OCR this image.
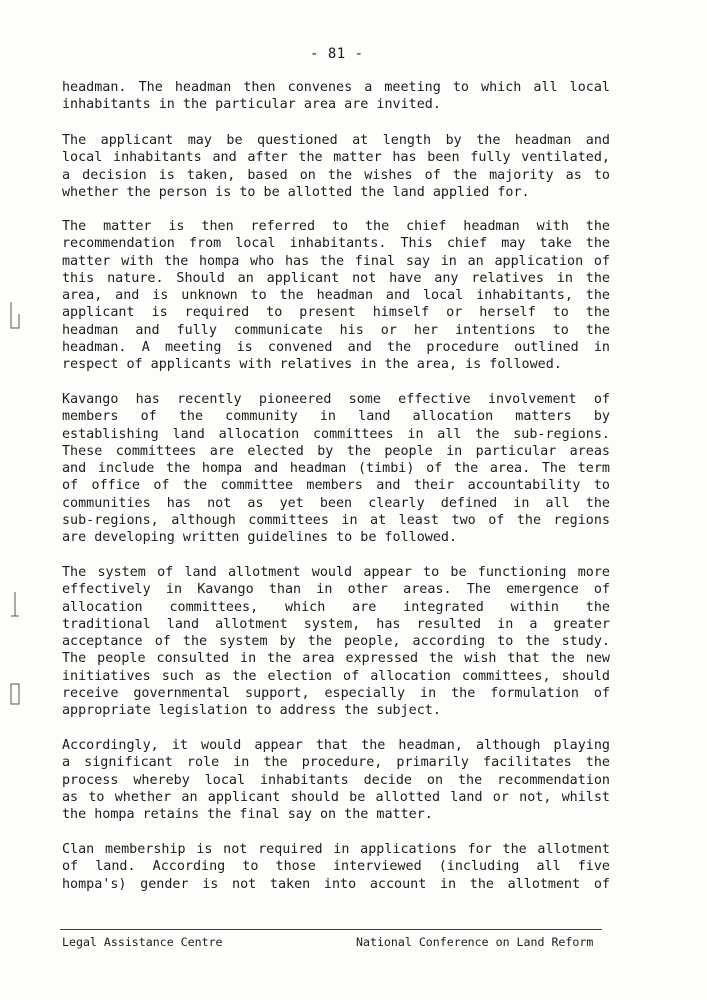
- 81 -

headman. The headman then convenes a meeting to which all local
inhabitants in the particular area are invited.

The applicant may be questioned at length by the headman and
local inhabitants and after the matter has been fully ventilated,
a decision is taken, based on the wishes of the majority as to
whether the person is to be allotted the land applied for.

The matter is then referred to the chief headman with the
recommendation from local inhabitants. This chief may take the
matter with the hompa who has the final say in an application of
this nature. Should an applicant not have any relatives in the
area, and is unknown to the headman and local inhabitants, the
applicant is required to present himself or herself to the
headman and fully communicate his or her intentions to the
headman. A meeting is convened and the procedure outlined in
respect of applicants with relatives in the area, is followed.

Kavango has recently pioneered some effective involvement of
members of the community in land allocation matters by
establishing land allocation committees in all the sub-regions.
These committees are elected by the people in particular areas
and include the hompa and headman (timbi) of the area. The term
of office of the committee members and their accountability to
communities has not as yet been clearly defined in all the
sub-regions, although committees in at least two of the regions
are developing written guidelines to be followed.

The system of land allotment would appear to be functioning more
effectively in Kavango than in other areas. The emergence of
allocation committees, which are integrated within the
traditional land allotment system, has resulted in a greater
acceptance of the system by the people, according to the study.
The people consulted in the area expressed the wish that the new
initiatives such as the election of allocation committees, should
receive governmental support, especially in the formulation of
appropriate legislation to address the subject.

Accordingly, it would appear that the headman, although playing
a significant role in the procedure, primarily facilitates the
process whereby local inhabitants decide on the recommendation
as to whether an applicant should be allotted land or not, whilst
the hompa retains the final say on the matter.

Clan membership is not required in applications for the allotment
of land. According to those interviewed (including all five
hompa's) gender is not taken into account in the allotment of

Legal Assistance Centre	National Conference on Land Reform
